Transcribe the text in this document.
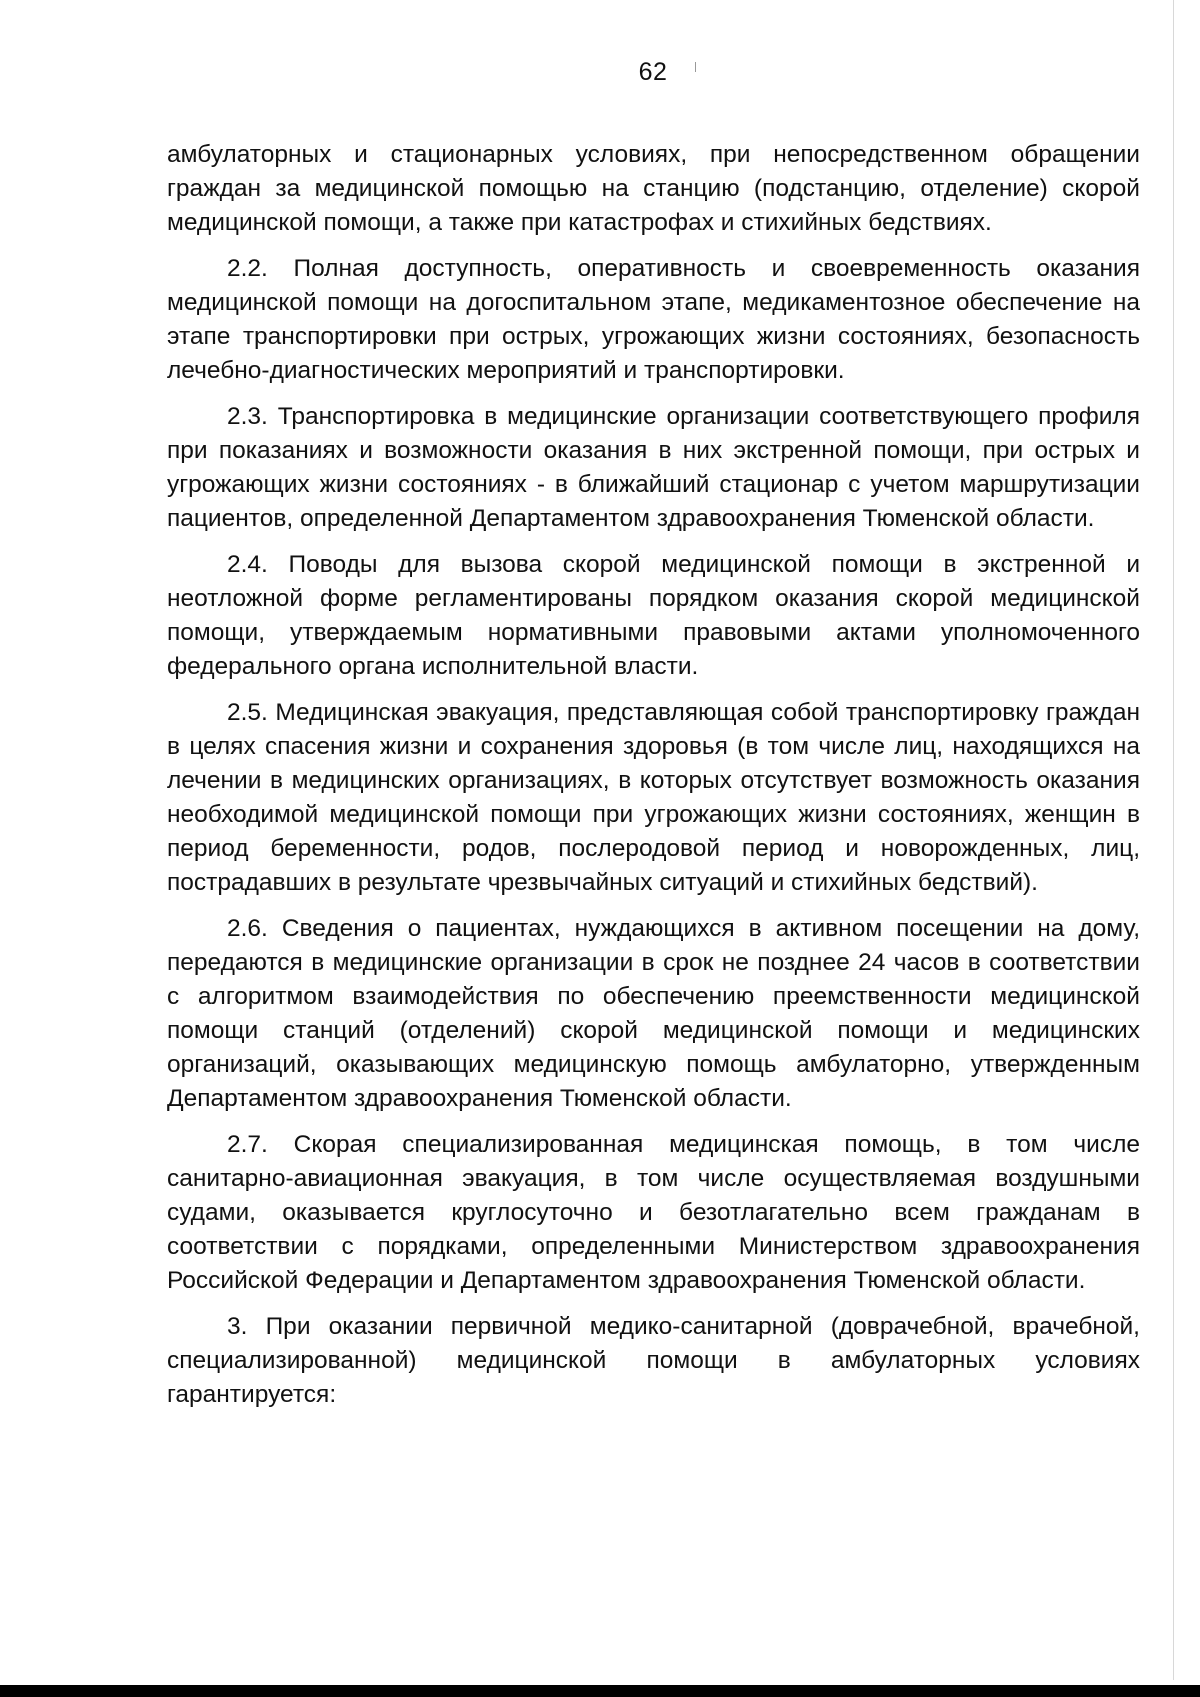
62

амбулаторных и стационарных условиях, при непосредственном обращении граждан за медицинской помощью на станцию (подстанцию, отделение) скорой медицинской помощи, а также при катастрофах и стихийных бедствиях.

2.2. Полная доступность, оперативность и своевременность оказания медицинской помощи на догоспитальном этапе, медикаментозное обеспечение на этапе транспортировки при острых, угрожающих жизни состояниях, безопасность лечебно-диагностических мероприятий и транспортировки.

2.3. Транспортировка в медицинские организации соответствующего профиля при показаниях и возможности оказания в них экстренной помощи, при острых и угрожающих жизни состояниях - в ближайший стационар с учетом маршрутизации пациентов, определенной Департаментом здравоохранения Тюменской области.

2.4. Поводы для вызова скорой медицинской помощи в экстренной и неотложной форме регламентированы порядком оказания скорой медицинской помощи, утверждаемым нормативными правовыми актами уполномоченного федерального органа исполнительной власти.

2.5. Медицинская эвакуация, представляющая собой транспортировку граждан в целях спасения жизни и сохранения здоровья (в том числе лиц, находящихся на лечении в медицинских организациях, в которых отсутствует возможность оказания необходимой медицинской помощи при угрожающих жизни состояниях, женщин в период беременности, родов, послеродовой период и новорожденных, лиц, пострадавших в результате чрезвычайных ситуаций и стихийных бедствий).

2.6. Сведения о пациентах, нуждающихся в активном посещении на дому, передаются в медицинские организации в срок не позднее 24 часов в соответствии с алгоритмом взаимодействия по обеспечению преемственности медицинской помощи станций (отделений) скорой медицинской помощи и медицинских организаций, оказывающих медицинскую помощь амбулаторно, утвержденным Департаментом здравоохранения Тюменской области.

2.7. Скорая специализированная медицинская помощь, в том числе санитарно-авиационная эвакуация, в том числе осуществляемая воздушными судами, оказывается круглосуточно и безотлагательно всем гражданам в соответствии с порядками, определенными Министерством здравоохранения Российской Федерации и Департаментом здравоохранения Тюменской области.

3. При оказании первичной медико-санитарной (доврачебной, врачебной, специализированной) медицинской помощи в амбулаторных условиях гарантируется:
